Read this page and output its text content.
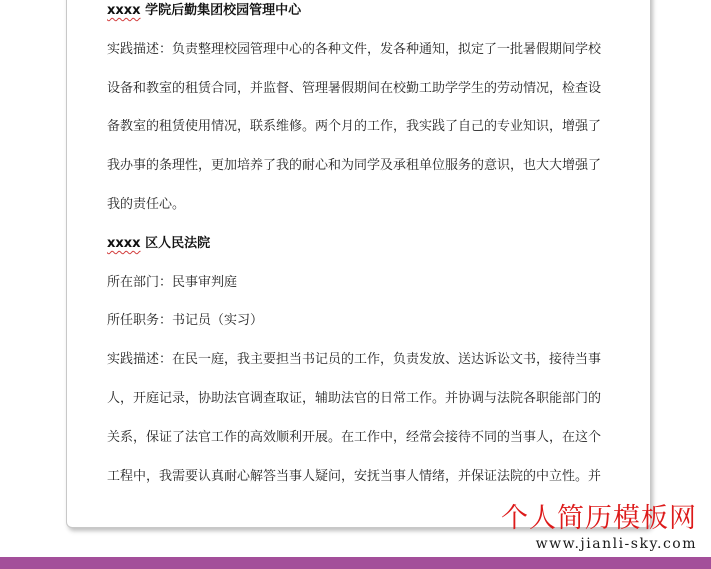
xxxx 学院后勤集团校园管理中心
实践描述：负责整理校园管理中心的各种文件，发各种通知，拟定了一批暑假期间学校
设备和教室的租赁合同，并监督、管理暑假期间在校勤工助学学生的劳动情况，检查设
备教室的租赁使用情况，联系维修。两个月的工作，我实践了自己的专业知识，增强了
我办事的条理性，更加培养了我的耐心和为同学及承租单位服务的意识，也大大增强了
我的责任心。
xxxx 区人民法院
所在部门：民事审判庭
所任职务：书记员（实习）
实践描述：在民一庭，我主要担当书记员的工作，负责发放、送达诉讼文书，接待当事
人，开庭记录，协助法官调查取证，辅助法官的日常工作。并协调与法院各职能部门的
关系，保证了法官工作的高效顺利开展。在工作中，经常会接待不同的当事人，在这个
工程中，我需要认真耐心解答当事人疑问，安抚当事人情绪，并保证法院的中立性。并
个人简历模板网
www.jianli-sky.com
